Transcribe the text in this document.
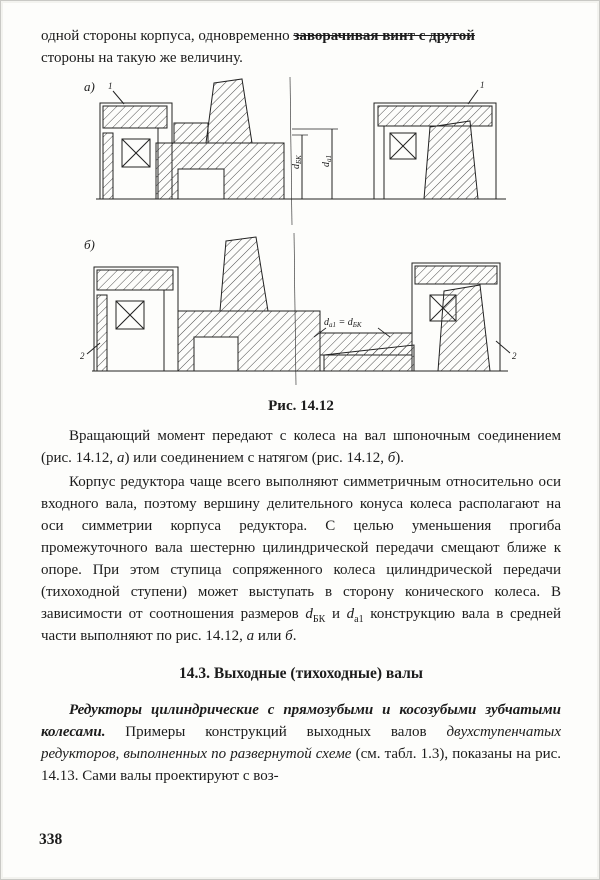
одной стороны корпуса, одновременно заворачивая винт с другой

стороны на такую же величину.

а) 1	1
$d_{БК}$
$d_{а1}$
б)
2	2
$d_{а1} = d_{БК}$

Рис. 14.12

Вращающий момент передают с колеса на вал шпоночным соединением (рис. 14.12, а) или соединением с натягом (рис. 14.12, б).

Корпус редуктора чаще всего выполняют симметричным относительно оси входного вала, поэтому вершину делительного конуса колеса располагают на оси симметрии корпуса редуктора. С целью уменьшения прогиба промежуточного вала шестерню цилиндрической передачи смещают ближе к опоре. При этом ступица сопряженного колеса цилиндрической передачи (тихоходной ступени) может выступать в сторону конического колеса. В зависимости от соотношения размеров $d_{БК}$ и $d_{а1}$ конструкцию вала в средней части выполняют по рис. 14.12, а или б.

14.3. Выходные (тихоходные) валы

Редукторы цилиндрические с прямозубыми и косозубыми зубчатыми колесами. Примеры конструкций выходных валов двухступенчатых редукторов, выполненных по развернутой схеме (см. табл. 1.3), показаны на рис. 14.13. Сами валы проектируют с воз-

338
